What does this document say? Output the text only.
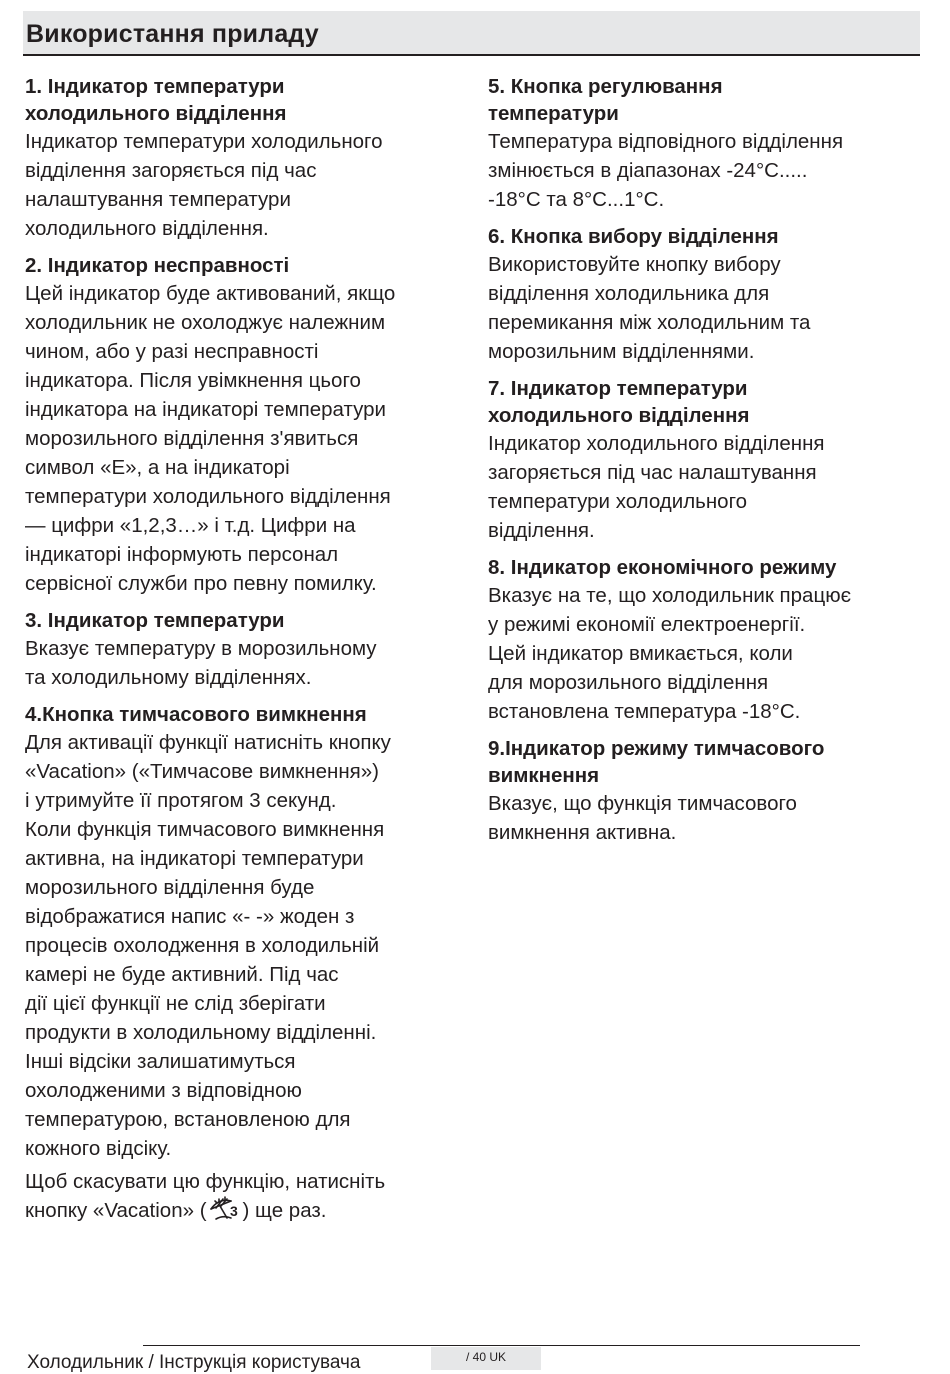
Використання приладу
1. Індикатор температури
холодильного відділення
Індикатор температури холодильного
відділення загоряється під час
налаштування температури
холодильного відділення.
2. Індикатор несправності
Цей індикатор буде активований, якщо
холодильник не охолоджує належним
чином, або у разі несправності
індикатора. Після увімкнення цього
індикатора на індикаторі температури
морозильного відділення з'явиться
символ «E», а на індикаторі
температури холодильного відділення
— цифри «1,2,3…» і т.д. Цифри на
індикаторі інформують персонал
сервісної служби про певну помилку.
3. Індикатор температури
Вказує температуру в морозильному
та холодильному відділеннях.
4.Кнопка тимчасового вимкнення
Для активації функції натисніть кнопку
«Vacation» («Тимчасове вимкнення»)
і утримуйте її протягом 3 секунд.
Коли функція тимчасового вимкнення
активна, на індикаторі температури
морозильного відділення буде
відображатися напис «- -» жоден з
процесів охолодження в холодильній
камері не буде активний. Під час
дії цієї функції не слід зберігати
продукти в холодильному відділенні.
Інші відсіки залишатимуться
охолодженими з відповідною
температурою, встановленою для
кожного відсіку.
Щоб скасувати цю функцію, натисніть
кнопку «Vacation» ( 3 ) ще раз.
5. Кнопка регулювання
температури
Температура відповідного відділення
змінюється в діапазонах -24°C.....
-18°C та 8°C...1°C.
6. Кнопка вибору відділення
Використовуйте кнопку вибору
відділення холодильника для
перемикання між холодильним та
морозильним відділеннями.
7. Індикатор температури
холодильного відділення
Індикатор холодильного відділення
загоряється під час налаштування
температури холодильного
відділення.
8. Індикатор економічного режиму
Вказує на те, що холодильник працює
у режимі економії електроенергії.
Цей індикатор вмикається, коли
для морозильного відділення
встановлена температура -18°C.
9.Індикатор режиму тимчасового
вимкнення
Вказує, що функція тимчасового
вимкнення активна.
Холодильник / Інструкція користувача	/ 40 UK
